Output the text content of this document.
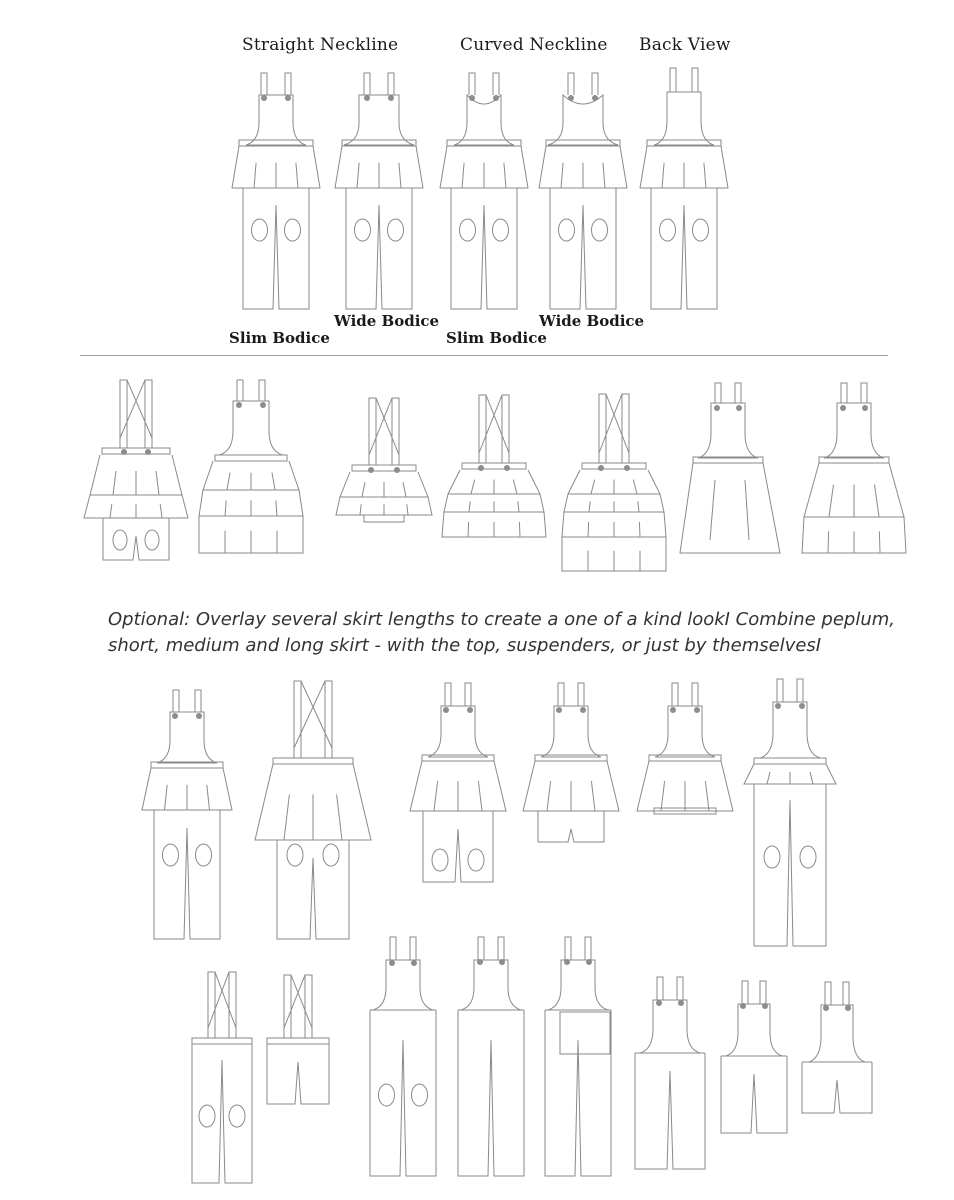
Straight Neckline	Curved Neckline Back View
Slim Bodice
Wide Bodice
Slim Bodice
Wide Bodice
Optional: Overlay several skirt lengths to create a one of a kind lookI Combine peplum,
short, medium and long skirt - with the top, suspenders, or just by themselvesI
